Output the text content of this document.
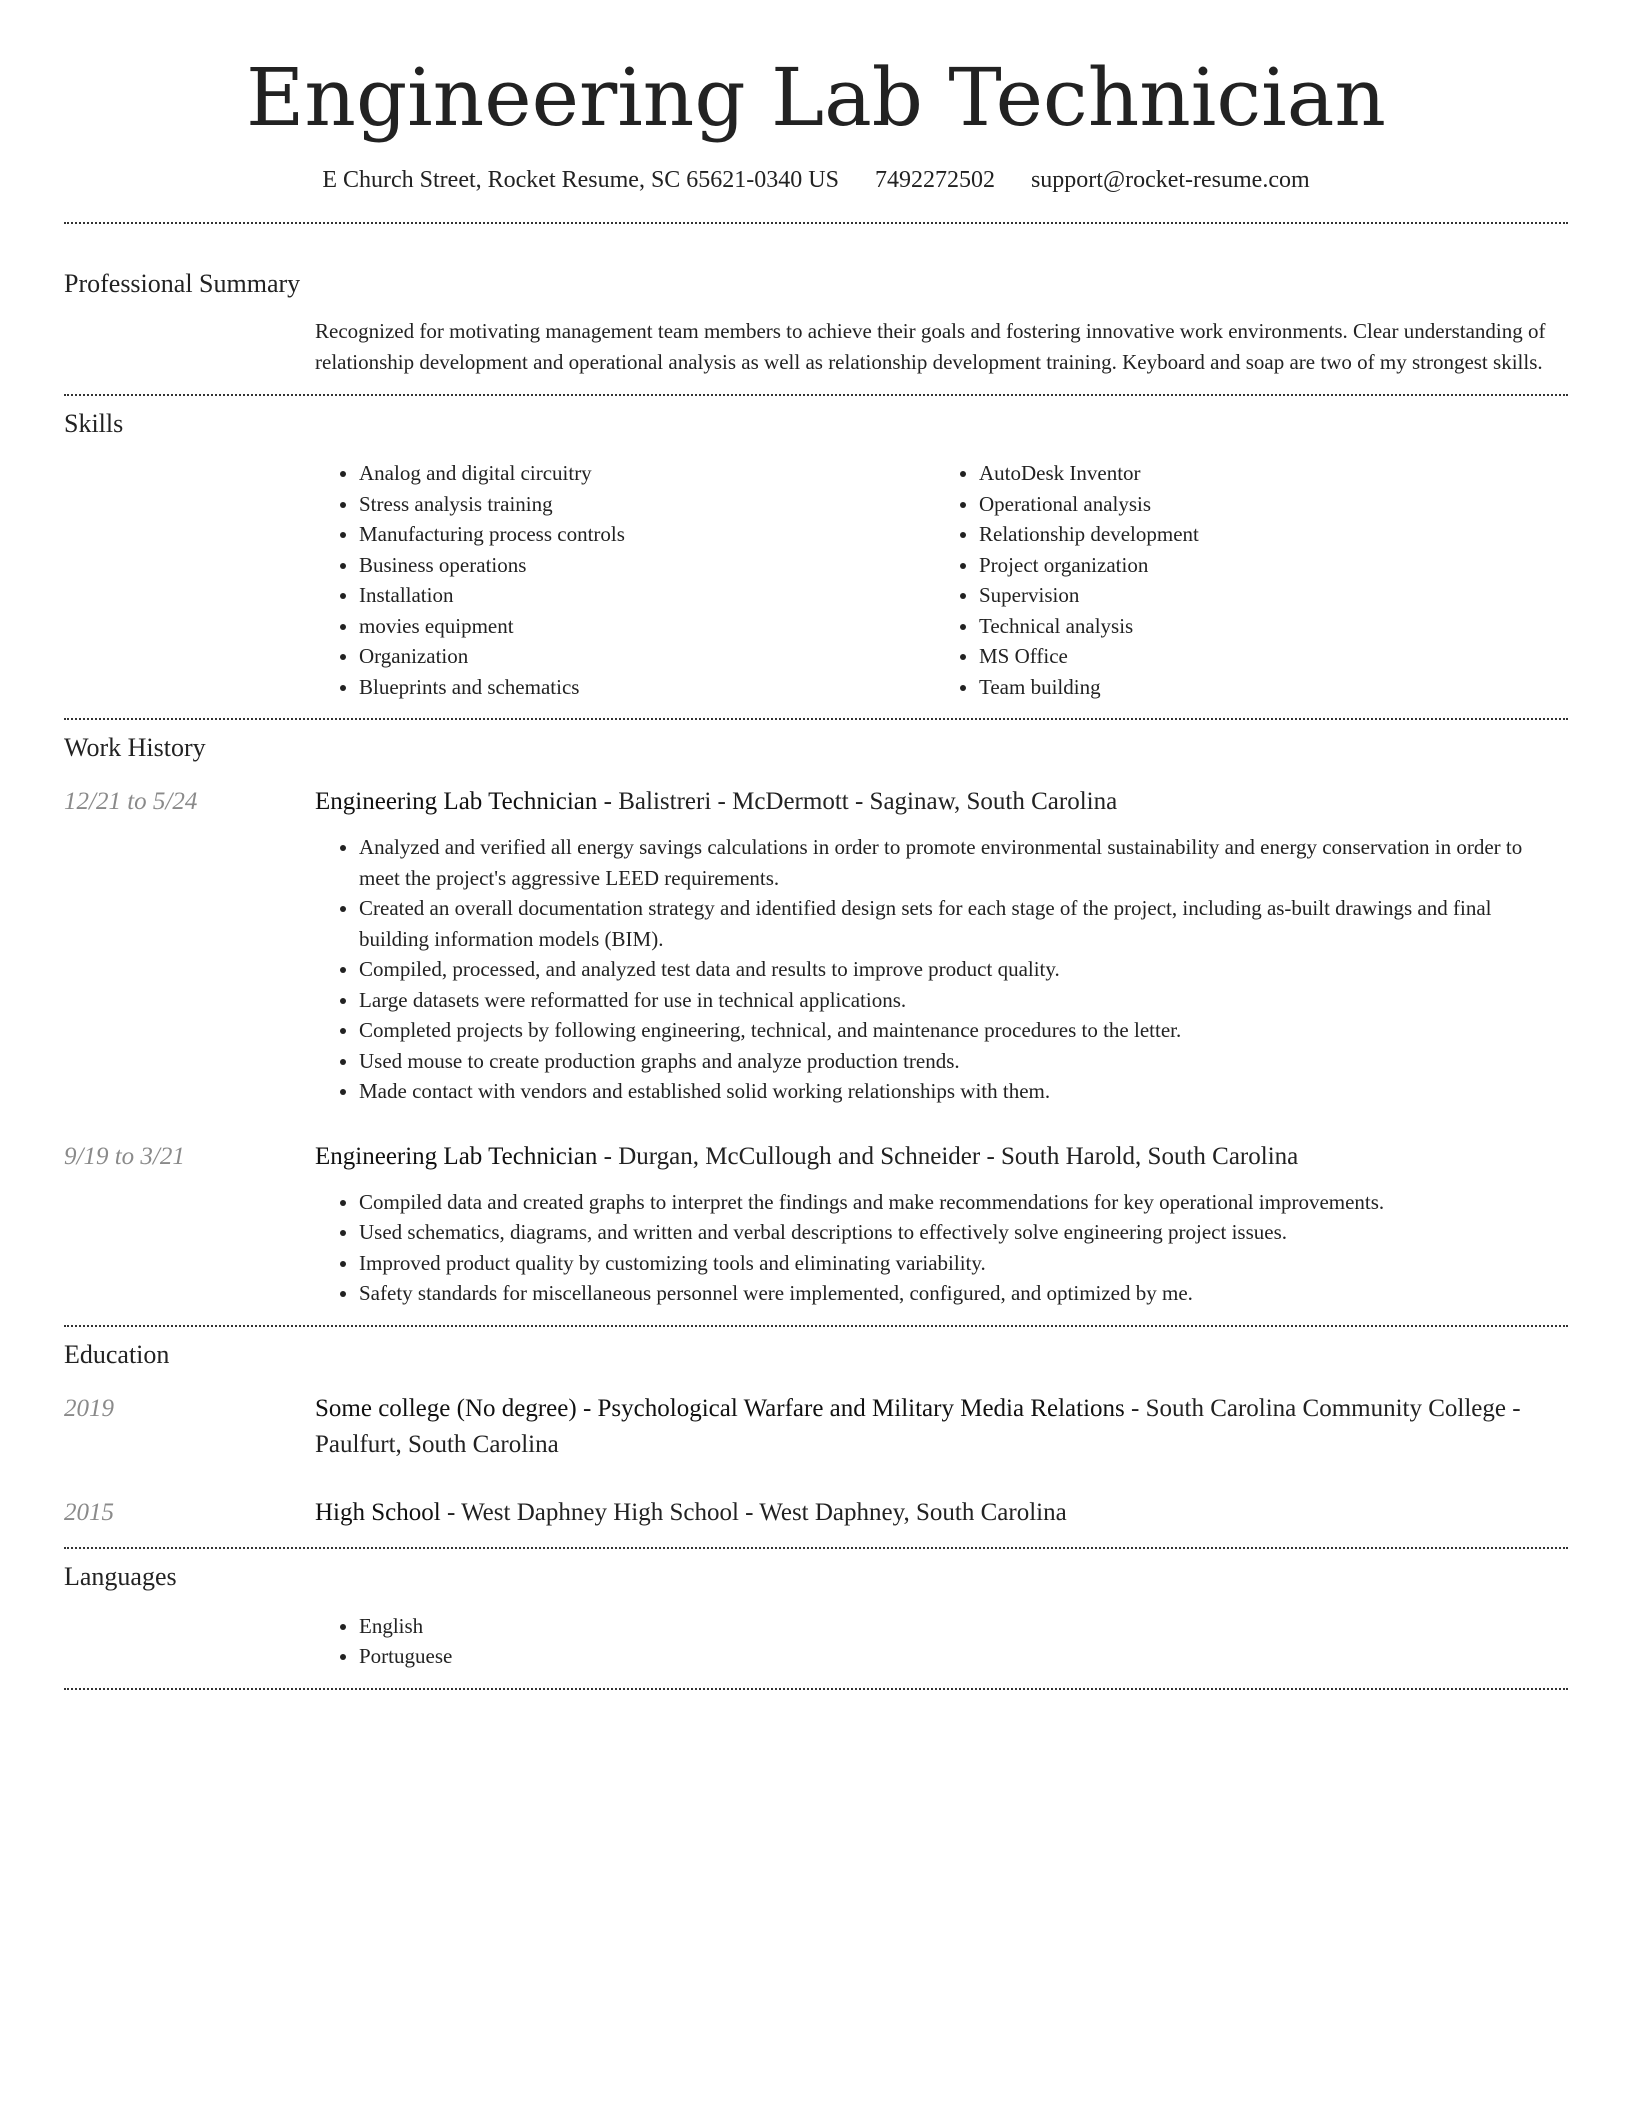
Engineering Lab Technician
E Church Street, Rocket Resume, SC 65621-0340 US 7492272502 support@rocket-resume.com
Professional Summary
Recognized for motivating management team members to achieve their goals and fostering innovative work environments. Clear understanding of relationship development and operational analysis as well as relationship development training. Keyboard and soap are two of my strongest skills.
Skills
• Analog and digital circuitry
• Stress analysis training
• Manufacturing process controls
• Business operations
• Installation
• movies equipment
• Organization
• Blueprints and schematics
• AutoDesk Inventor
• Operational analysis
• Relationship development
• Project organization
• Supervision
• Technical analysis
• MS Office
• Team building
Work History
12/21 to 5/24	Engineering Lab Technician - Balistreri - McDermott - Saginaw, South Carolina
• Analyzed and verified all energy savings calculations in order to promote environmental sustainability and energy conservation in order to meet the project's aggressive LEED requirements.
• Created an overall documentation strategy and identified design sets for each stage of the project, including as-built drawings and final building information models (BIM).
• Compiled, processed, and analyzed test data and results to improve product quality.
• Large datasets were reformatted for use in technical applications.
• Completed projects by following engineering, technical, and maintenance procedures to the letter.
• Used mouse to create production graphs and analyze production trends.
• Made contact with vendors and established solid working relationships with them.
9/19 to 3/21	Engineering Lab Technician - Durgan, McCullough and Schneider - South Harold, South Carolina
• Compiled data and created graphs to interpret the findings and make recommendations for key operational improvements.
• Used schematics, diagrams, and written and verbal descriptions to effectively solve engineering project issues.
• Improved product quality by customizing tools and eliminating variability.
• Safety standards for miscellaneous personnel were implemented, configured, and optimized by me.
Education
2019	Some college (No degree) - Psychological Warfare and Military Media Relations - South Carolina Community College - Paulfurt, South Carolina
2015	High School - West Daphney High School - West Daphney, South Carolina
Languages
• English
• Portuguese
